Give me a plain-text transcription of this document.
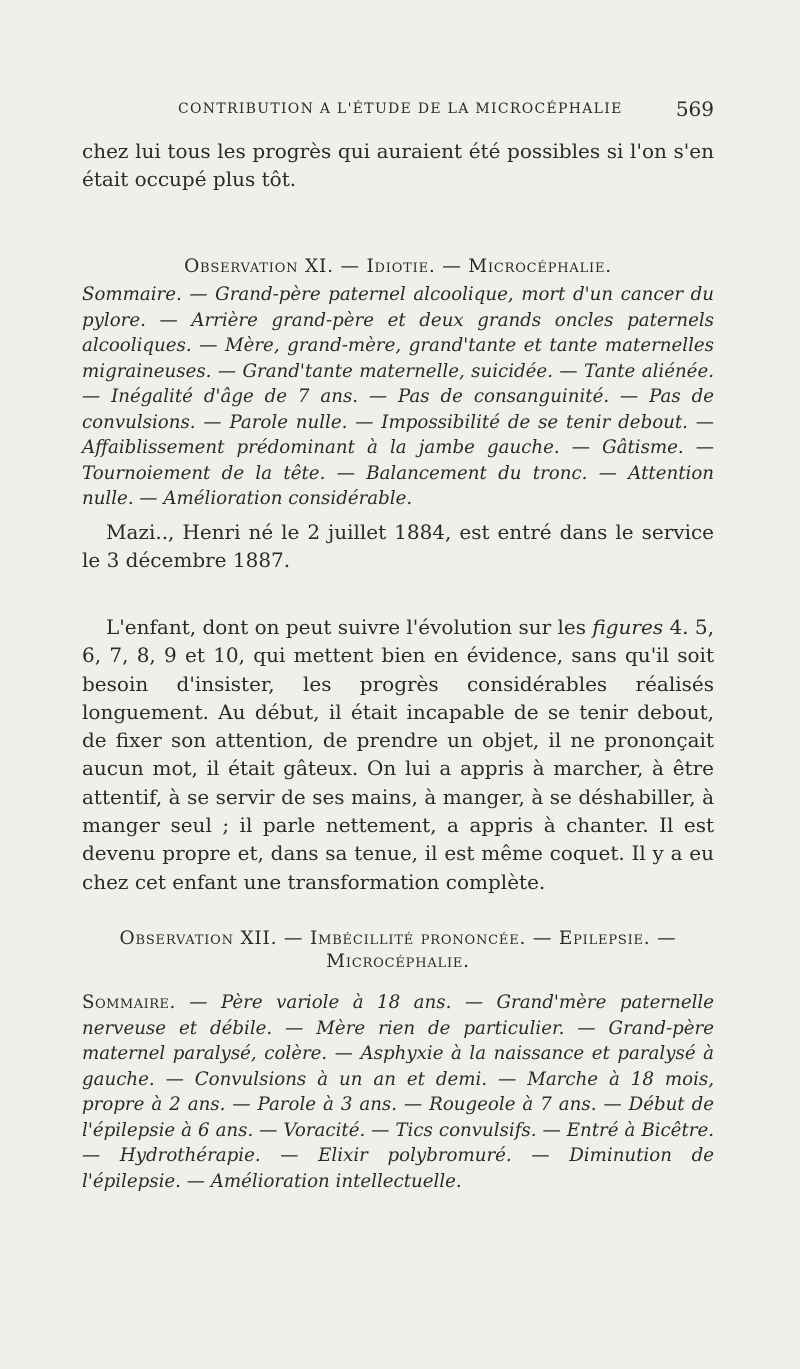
CONTRIBUTION A L'ÉTUDE DE LA MICROCÉPHALIE	569

chez lui tous les progrès qui auraient été possibles si l'on s'en était occupé plus tôt.

Observation XI. — Idiotie. — Microcéphalie.

Sommaire. — Grand-père paternel alcoolique, mort d'un cancer du pylore. — Arrière grand-père et deux grands oncles paternels alcooliques. — Mère, grand-mère, grand'tante et tante maternelles migraineuses. — Grand'tante maternelle, suicidée. — Tante aliénée. — Inégalité d'âge de 7 ans. — Pas de consanguinité. — Pas de convulsions. — Parole nulle. — Impossibilité de se tenir debout. — Affaiblissement prédominant à la jambe gauche. — Gâtisme. — Tournoiement de la tête. — Balancement du tronc. — Attention nulle. — Amélioration considérable.

Mazi.., Henri né le 2 juillet 1884, est entré dans le service le 3 décembre 1887.

L'enfant, dont on peut suivre l'évolution sur les figures 4. 5, 6, 7, 8, 9 et 10, qui mettent bien en évidence, sans qu'il soit besoin d'insister, les progrès considérables réalisés longuement. Au début, il était incapable de se tenir debout, de fixer son attention, de prendre un objet, il ne prononçait aucun mot, il était gâteux. On lui a appris à marcher, à être attentif, à se servir de ses mains, à manger, à se déshabiller, à manger seul ; il parle nettement, a appris à chanter. Il est devenu propre et, dans sa tenue, il est même coquet. Il y a eu chez cet enfant une transformation complète.

Observation XII. — Imbécillité prononcée. — Epilepsie. —
Microcéphalie.

Sommaire. — Père variole à 18 ans. — Grand'mère paternelle nerveuse et débile. — Mère rien de particulier. — Grand-père maternel paralysé, colère. — Asphyxie à la naissance et paralysé à gauche. — Convulsions à un an et demi. — Marche à 18 mois, propre à 2 ans. — Parole à 3 ans. — Rougeole à 7 ans. — Début de l'épilepsie à 6 ans. — Voracité. — Tics convulsifs. — Entré à Bicêtre. — Hydrothérapie. — Elixir polybromuré. — Diminution de l'épilepsie. — Amélioration intellectuelle.
